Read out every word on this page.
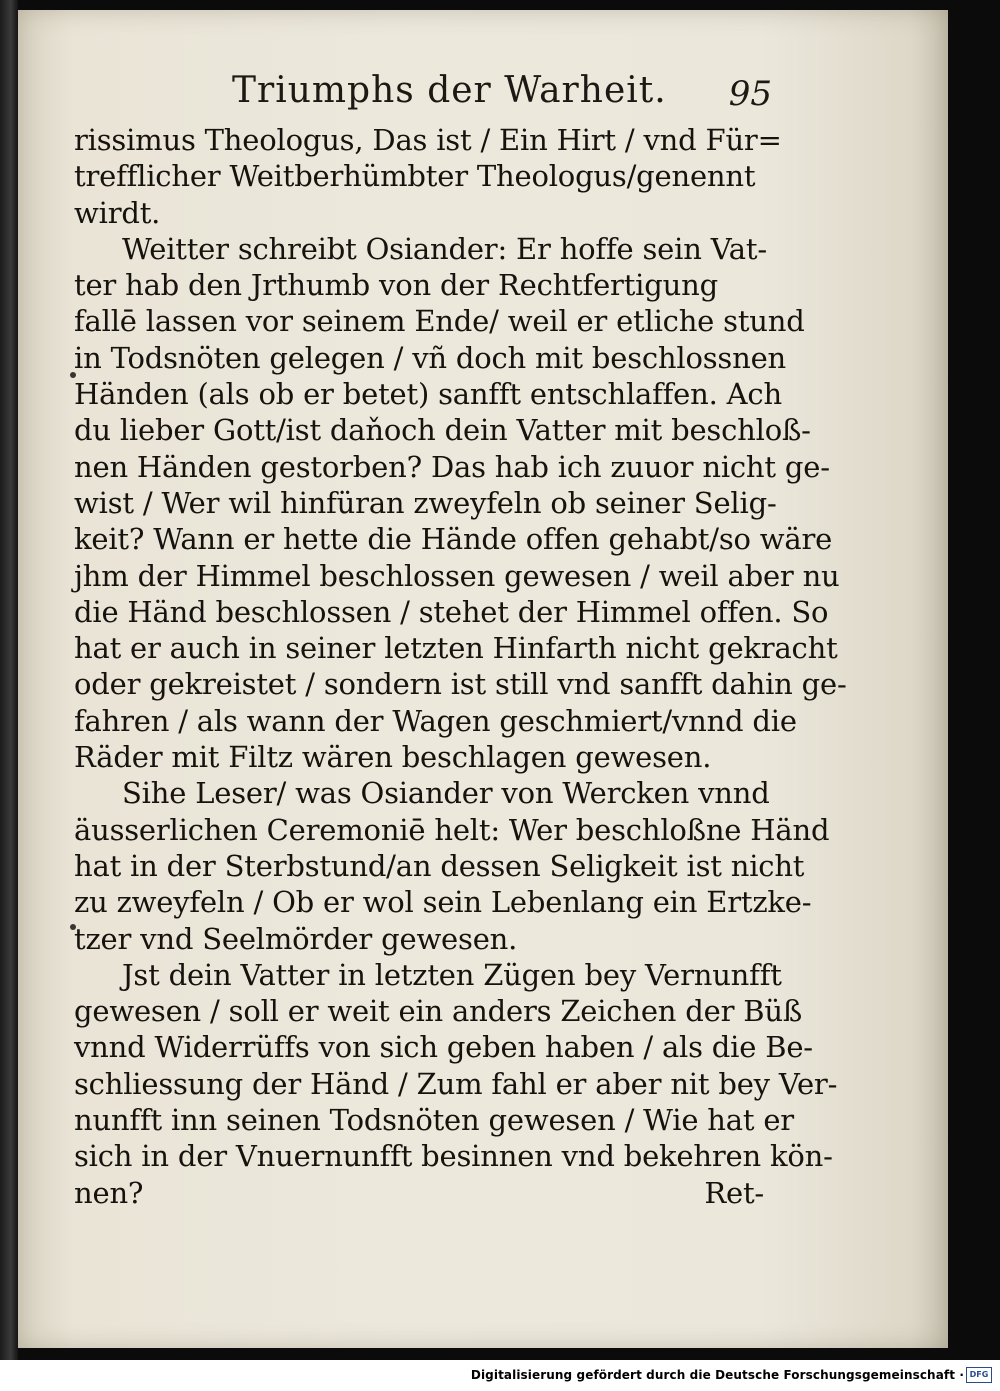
Triumphs der Warheit. 95
rissimus Theologus, Das ist / Ein Hirt / vnd Für=
trefflicher Weitberhümbter Theologus/genennt
wirdt.
Weitter schreibt Osiander: Er hoffe sein Vat-
ter hab den Jrthumb von der Rechtfertigung
fallē lassen vor seinem Ende/ weil er etliche stund
in Todsnöten gelegen / vñ doch mit beschlossnen
Händen (als ob er betet) sanfft entschlaffen. Ach
du lieber Gott/ist daňoch dein Vatter mit beschloß-
nen Händen gestorben? Das hab ich zuuor nicht ge-
wist / Wer wil hinfüran zweyfeln ob seiner Selig-
keit? Wann er hette die Hände offen gehabt/so wäre
jhm der Himmel beschlossen gewesen / weil aber nu
die Händ beschlossen / stehet der Himmel offen. So
hat er auch in seiner letzten Hinfarth nicht gekracht
oder gekreistet / sondern ist still vnd sanfft dahin ge-
fahren / als wann der Wagen geschmiert/vnnd die
Räder mit Filtz wären beschlagen gewesen.
Sihe Leser/ was Osiander von Wercken vnnd
äusserlichen Ceremoniē helt: Wer beschloßne Händ
hat in der Sterbstund/an dessen Seligkeit ist nicht
zu zweyfeln / Ob er wol sein Lebenlang ein Ertzke-
tzer vnd Seelmörder gewesen.
Jst dein Vatter in letzten Zügen bey Vernunfft
gewesen / soll er weit ein anders Zeichen der Büß
vnnd Widerrüffs von sich geben haben / als die Be-
schliessung der Händ / Zum fahl er aber nit bey Ver-
nunfft inn seinen Todsnöten gewesen / Wie hat er
sich in der Vnuernunfft besinnen vnd bekehren kön-
nen?	Ret-
Digitalisierung gefördert durch die Deutsche Forschungsgemeinschaft · DFG
